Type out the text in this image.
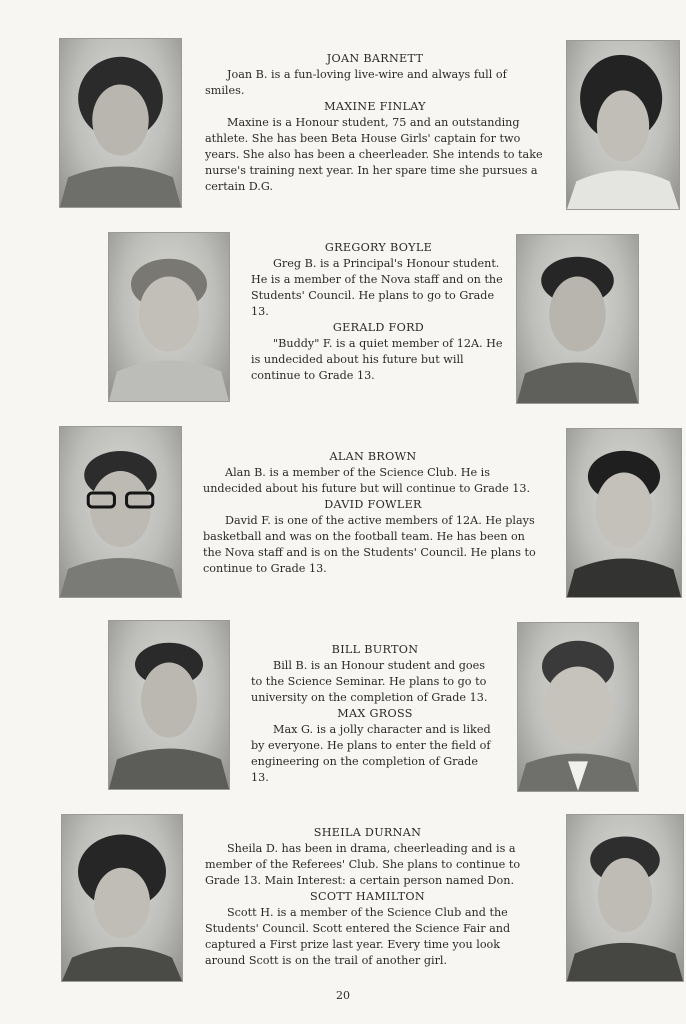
JOAN BARNETT

Joan B. is a fun-loving live-wire and always full of smiles.

MAXINE FINLAY

Maxine is a Honour student, 75 and an outstanding athlete. She has been Beta House Girls' captain for two years. She also has been a cheerleader. She intends to take nurse's training next year. In her spare time she pursues a certain D.G.

GREGORY BOYLE

Greg B. is a Principal's Honour student. He is a member of the Nova staff and on the Students' Council. He plans to go to Grade 13.

GERALD FORD

"Buddy" F. is a quiet member of 12A. He is undecided about his future but will continue to Grade 13.

ALAN BROWN

Alan B. is a member of the Science Club. He is undecided about his future but will continue to Grade 13.

DAVID FOWLER

David F. is one of the active members of 12A. He plays basketball and was on the football team. He has been on the Nova staff and is on the Students' Council. He plans to continue to Grade 13.

BILL BURTON

Bill B. is an Honour student and goes to the Science Seminar. He plans to go to university on the completion of Grade 13.

MAX GROSS

Max G. is a jolly character and is liked by everyone. He plans to enter the field of engineering on the completion of Grade 13.

SHEILA DURNAN

Sheila D. has been in drama, cheerleading and is a member of the Referees' Club. She plans to continue to Grade 13. Main Interest: a certain person named Don.

SCOTT HAMILTON

Scott H. is a member of the Science Club and the Students' Council. Scott entered the Science Fair and captured a First prize last year. Every time you look around Scott is on the trail of another girl.

20
